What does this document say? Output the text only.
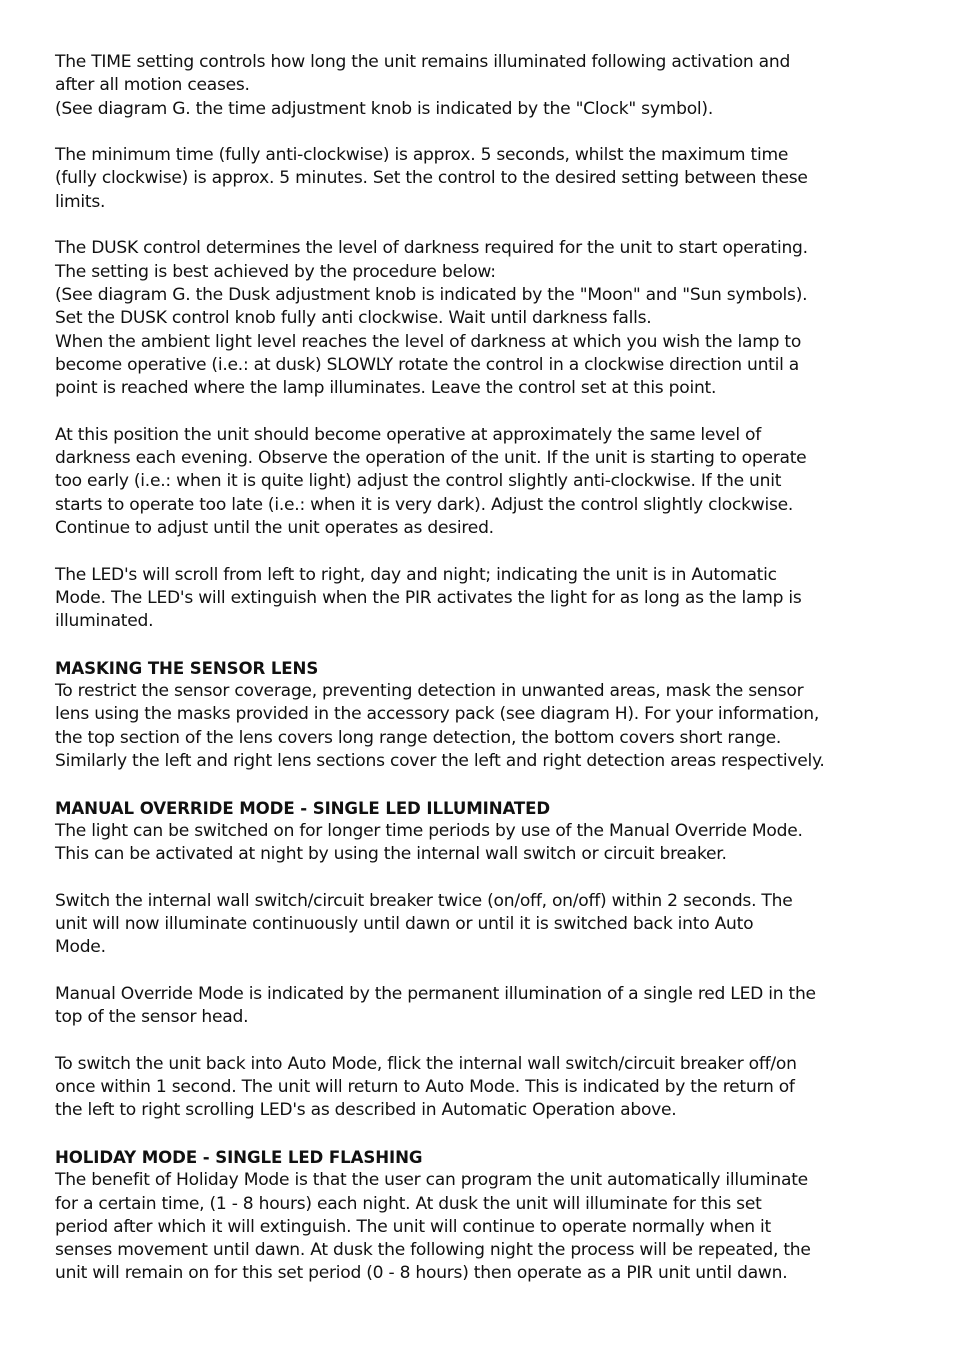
The TIME setting controls how long the unit remains illuminated following activation and
after all motion ceases.
(See diagram G. the time adjustment knob is indicated by the "Clock" symbol).

The minimum time (fully anti-clockwise) is approx. 5 seconds, whilst the maximum time
(fully clockwise) is approx. 5 minutes. Set the control to the desired setting between these
limits.

The DUSK control determines the level of darkness required for the unit to start operating.
The setting is best achieved by the procedure below:
(See diagram G. the Dusk adjustment knob is indicated by the "Moon" and "Sun symbols).
Set the DUSK control knob fully anti clockwise. Wait until darkness falls.
When the ambient light level reaches the level of darkness at which you wish the lamp to
become operative (i.e.: at dusk) SLOWLY rotate the control in a clockwise direction until a
point is reached where the lamp illuminates. Leave the control set at this point.

At this position the unit should become operative at approximately the same level of
darkness each evening. Observe the operation of the unit. If the unit is starting to operate
too early (i.e.: when it is quite light) adjust the control slightly anti-clockwise. If the unit
starts to operate too late (i.e.: when it is very dark). Adjust the control slightly clockwise.
Continue to adjust until the unit operates as desired.

The LED's will scroll from left to right, day and night; indicating the unit is in Automatic
Mode. The LED's will extinguish when the PIR activates the light for as long as the lamp is
illuminated.

MASKING THE SENSOR LENS

To restrict the sensor coverage, preventing detection in unwanted areas, mask the sensor
lens using the masks provided in the accessory pack (see diagram H). For your information,
the top section of the lens covers long range detection, the bottom covers short range.
Similarly the left and right lens sections cover the left and right detection areas respectively.

MANUAL OVERRIDE MODE - SINGLE LED ILLUMINATED

The light can be switched on for longer time periods by use of the Manual Override Mode.
This can be activated at night by using the internal wall switch or circuit breaker.

Switch the internal wall switch/circuit breaker twice (on/off, on/off) within 2 seconds. The
unit will now illuminate continuously until dawn or until it is switched back into Auto
Mode.

Manual Override Mode is indicated by the permanent illumination of a single red LED in the
top of the sensor head.

To switch the unit back into Auto Mode, flick the internal wall switch/circuit breaker off/on
once within 1 second. The unit will return to Auto Mode. This is indicated by the return of
the left to right scrolling LED's as described in Automatic Operation above.

HOLIDAY MODE - SINGLE LED FLASHING

The benefit of Holiday Mode is that the user can program the unit automatically illuminate
for a certain time, (1 - 8 hours) each night. At dusk the unit will illuminate for this set
period after which it will extinguish. The unit will continue to operate normally when it
senses movement until dawn. At dusk the following night the process will be repeated, the
unit will remain on for this set period (0 - 8 hours) then operate as a PIR unit until dawn.
